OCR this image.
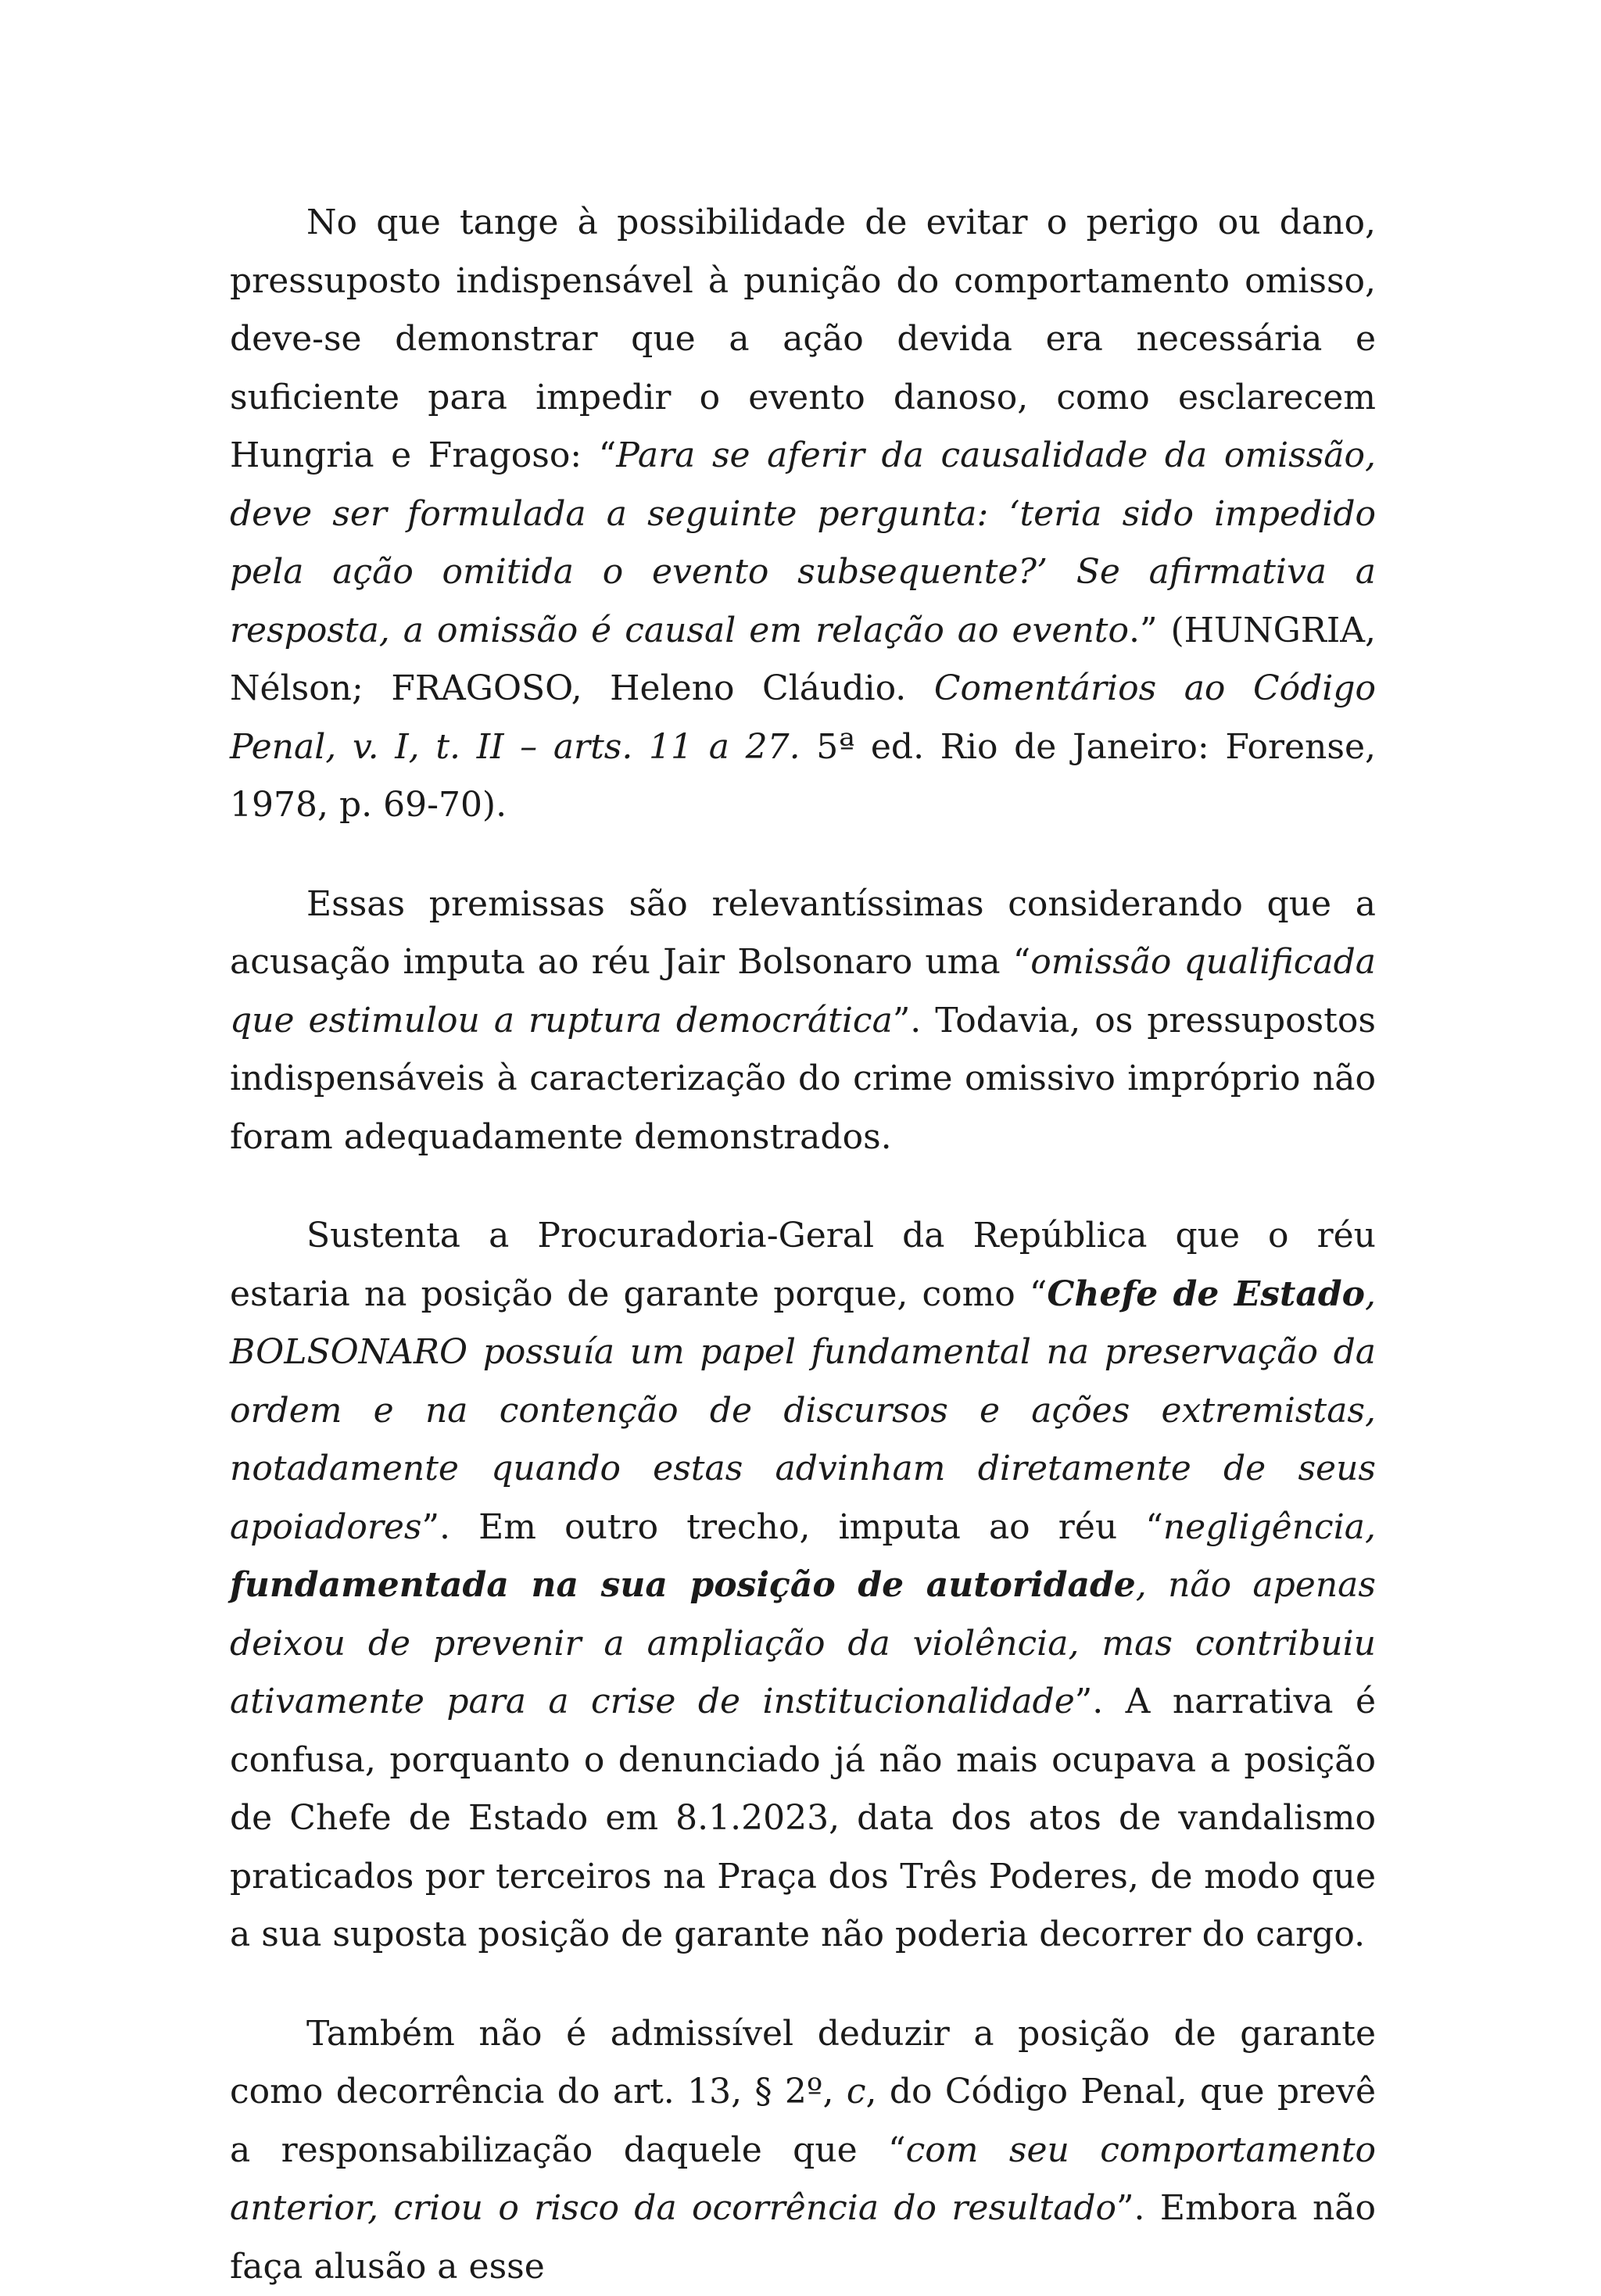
No que tange à possibilidade de evitar o perigo ou dano, pressuposto indispensável à punição do comportamento omisso, deve-se demonstrar que a ação devida era necessária e suficiente para impedir o evento danoso, como esclarecem Hungria e Fragoso: “Para se aferir da causalidade da omissão, deve ser formulada a seguinte pergunta: ‘teria sido impedido pela ação omitida o evento subsequente?’ Se afirmativa a resposta, a omissão é causal em relação ao evento.” (HUNGRIA, Nélson; FRAGOSO, Heleno Cláudio. Comentários ao Código Penal, v. I, t. II – arts. 11 a 27. 5ª ed. Rio de Janeiro: Forense, 1978, p. 69-70).

Essas premissas são relevantíssimas considerando que a acusação imputa ao réu Jair Bolsonaro uma “omissão qualificada que estimulou a ruptura democrática”. Todavia, os pressupostos indispensáveis à caracterização do crime omissivo impróprio não foram adequadamente demonstrados.

Sustenta a Procuradoria-Geral da República que o réu estaria na posição de garante porque, como “Chefe de Estado, BOLSONARO possuía um papel fundamental na preservação da ordem e na contenção de discursos e ações extremistas, notadamente quando estas advinham diretamente de seus apoiadores”. Em outro trecho, imputa ao réu “negligência, fundamentada na sua posição de autoridade, não apenas deixou de prevenir a ampliação da violência, mas contribuiu ativamente para a crise de institucionalidade”. A narrativa é confusa, porquanto o denunciado já não mais ocupava a posição de Chefe de Estado em 8.1.2023, data dos atos de vandalismo praticados por terceiros na Praça dos Três Poderes, de modo que a sua suposta posição de garante não poderia decorrer do cargo.

Também não é admissível deduzir a posição de garante como decorrência do art. 13, § 2º, c, do Código Penal, que prevê a responsabilização daquele que “com seu comportamento anterior, criou o risco da ocorrência do resultado”. Embora não faça alusão a esse
